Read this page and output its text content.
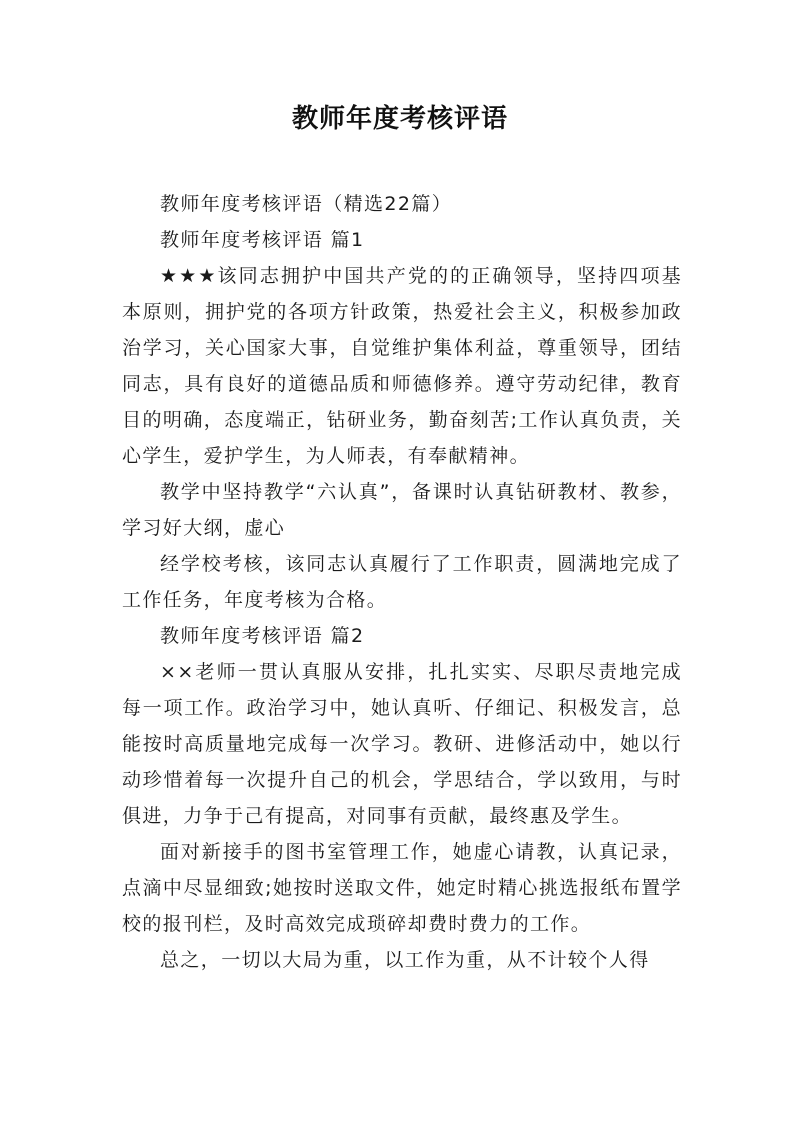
教师年度考核评语

教师年度考核评语（精选22篇）

教师年度考核评语 篇1

★★★该同志拥护中国共产党的的正确领导，坚持四项基本原则，拥护党的各项方针政策，热爱社会主义，积极参加政治学习，关心国家大事，自觉维护集体利益，尊重领导，团结同志，具有良好的道德品质和师德修养。遵守劳动纪律，教育目的明确，态度端正，钻研业务，勤奋刻苦;工作认真负责，关心学生，爱护学生，为人师表，有奉献精神。

教学中坚持教学“六认真”，备课时认真钻研教材、教参，学习好大纲，虚心

经学校考核，该同志认真履行了工作职责，圆满地完成了工作任务，年度考核为合格。

教师年度考核评语 篇2

××老师一贯认真服从安排，扎扎实实、尽职尽责地完成每一项工作。政治学习中，她认真听、仔细记、积极发言，总能按时高质量地完成每一次学习。教研、进修活动中，她以行动珍惜着每一次提升自己的机会，学思结合，学以致用，与时俱进，力争于己有提高，对同事有贡献，最终惠及学生。

面对新接手的图书室管理工作，她虚心请教，认真记录，点滴中尽显细致;她按时送取文件，她定时精心挑选报纸布置学校的报刊栏，及时高效完成琐碎却费时费力的工作。

总之，一切以大局为重，以工作为重，从不计较个人得
